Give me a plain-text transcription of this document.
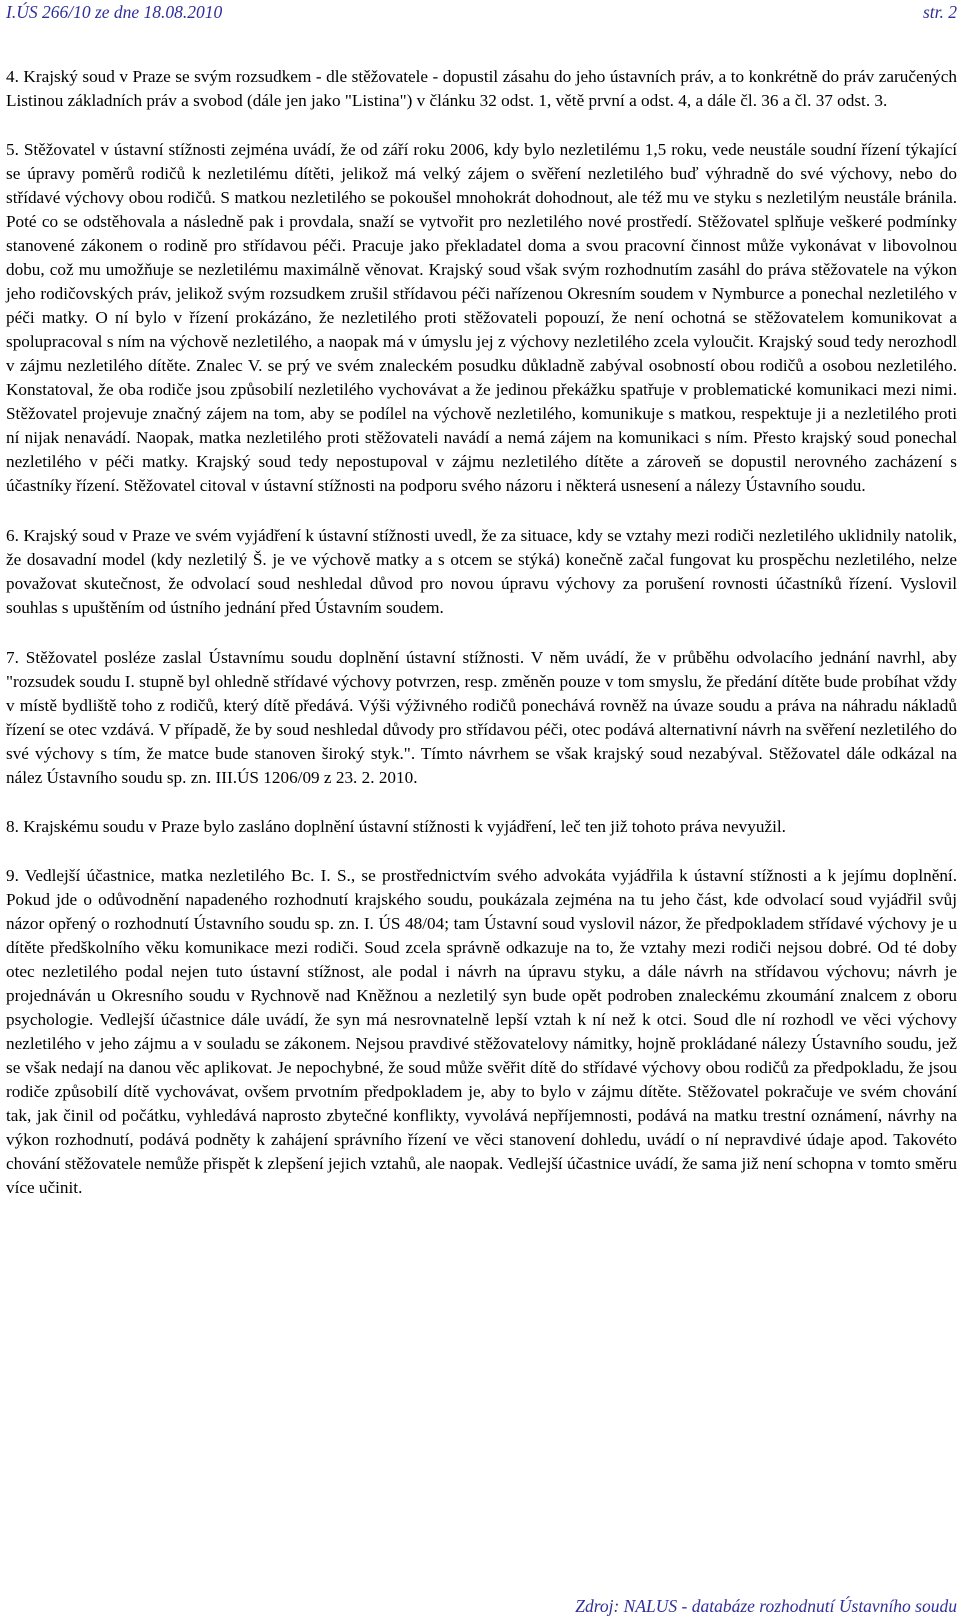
I.ÚS 266/10 ze dne 18.08.2010	str. 2

4. Krajský soud v Praze se svým rozsudkem - dle stěžovatele - dopustil zásahu do jeho ústavních práv, a to konkrétně do práv zaručených Listinou základních práv a svobod (dále jen jako "Listina") v článku 32 odst. 1, větě první a odst. 4, a dále čl. 36 a čl. 37 odst. 3.

5. Stěžovatel v ústavní stížnosti zejména uvádí, že od září roku 2006, kdy bylo nezletilému 1,5 roku, vede neustále soudní řízení týkající se úpravy poměrů rodičů k nezletilému dítěti, jelikož má velký zájem o svěření nezletilého buď výhradně do své výchovy, nebo do střídavé výchovy obou rodičů. S matkou nezletilého se pokoušel mnohokrát dohodnout, ale též mu ve styku s nezletilým neustále bránila. Poté co se odstěhovala a následně pak i provdala, snaží se vytvořit pro nezletilého nové prostředí. Stěžovatel splňuje veškeré podmínky stanovené zákonem o rodině pro střídavou péči. Pracuje jako překladatel doma a svou pracovní činnost může vykonávat v libovolnou dobu, což mu umožňuje se nezletilému maximálně věnovat. Krajský soud však svým rozhodnutím zasáhl do práva stěžovatele na výkon jeho rodičovských práv, jelikož svým rozsudkem zrušil střídavou péči nařízenou Okresním soudem v Nymburce a ponechal nezletilého v péči matky. O ní bylo v řízení prokázáno, že nezletilého proti stěžovateli popouzí, že není ochotná se stěžovatelem komunikovat a spolupracoval s ním na výchově nezletilého, a naopak má v úmyslu jej z výchovy nezletilého zcela vyloučit. Krajský soud tedy nerozhodl v zájmu nezletilého dítěte. Znalec V. se prý ve svém znaleckém posudku důkladně zabýval osobností obou rodičů a osobou nezletilého. Konstatoval, že oba rodiče jsou způsobilí nezletilého vychovávat a že jedinou překážku spatřuje v problematické komunikaci mezi nimi. Stěžovatel projevuje značný zájem na tom, aby se podílel na výchově nezletilého, komunikuje s matkou, respektuje ji a nezletilého proti ní nijak nenavádí. Naopak, matka nezletilého proti stěžovateli navádí a nemá zájem na komunikaci s ním. Přesto krajský soud ponechal nezletilého v péči matky. Krajský soud tedy nepostupoval v zájmu nezletilého dítěte a zároveň se dopustil nerovného zacházení s účastníky řízení. Stěžovatel citoval v ústavní stížnosti na podporu svého názoru i některá usnesení a nálezy Ústavního soudu.

6. Krajský soud v Praze ve svém vyjádření k ústavní stížnosti uvedl, že za situace, kdy se vztahy mezi rodiči nezletilého uklidnily natolik, že dosavadní model (kdy nezletilý Š. je ve výchově matky a s otcem se stýká) konečně začal fungovat ku prospěchu nezletilého, nelze považovat skutečnost, že odvolací soud neshledal důvod pro novou úpravu výchovy za porušení rovnosti účastníků řízení. Vyslovil souhlas s upuštěním od ústního jednání před Ústavním soudem.

7. Stěžovatel posléze zaslal Ústavnímu soudu doplnění ústavní stížnosti. V něm uvádí, že v průběhu odvolacího jednání navrhl, aby "rozsudek soudu I. stupně byl ohledně střídavé výchovy potvrzen, resp. změněn pouze v tom smyslu, že předání dítěte bude probíhat vždy v místě bydliště toho z rodičů, který dítě předává. Výši výživného rodičů ponechává rovněž na úvaze soudu a práva na náhradu nákladů řízení se otec vzdává. V případě, že by soud neshledal důvody pro střídavou péči, otec podává alternativní návrh na svěření nezletilého do své výchovy s tím, že matce bude stanoven široký styk.". Tímto návrhem se však krajský soud nezabýval. Stěžovatel dále odkázal na nález Ústavního soudu sp. zn. III.ÚS 1206/09 z 23. 2. 2010.

8. Krajskému soudu v Praze bylo zasláno doplnění ústavní stížnosti k vyjádření, leč ten již tohoto práva nevyužil.

9. Vedlejší účastnice, matka nezletilého Bc. I. S., se prostřednictvím svého advokáta vyjádřila k ústavní stížnosti a k jejímu doplnění. Pokud jde o odůvodnění napadeného rozhodnutí krajského soudu, poukázala zejména na tu jeho část, kde odvolací soud vyjádřil svůj názor opřený o rozhodnutí Ústavního soudu sp. zn. I. ÚS 48/04; tam Ústavní soud vyslovil názor, že předpokladem střídavé výchovy je u dítěte předškolního věku komunikace mezi rodiči. Soud zcela správně odkazuje na to, že vztahy mezi rodiči nejsou dobré. Od té doby otec nezletilého podal nejen tuto ústavní stížnost, ale podal i návrh na úpravu styku, a dále návrh na střídavou výchovu; návrh je projednáván u Okresního soudu v Rychnově nad Kněžnou a nezletilý syn bude opět podroben znaleckému zkoumání znalcem z oboru psychologie. Vedlejší účastnice dále uvádí, že syn má nesrovnatelně lepší vztah k ní než k otci. Soud dle ní rozhodl ve věci výchovy nezletilého v jeho zájmu a v souladu se zákonem. Nejsou pravdivé stěžovatelovy námitky, hojně prokládané nálezy Ústavního soudu, jež se však nedají na danou věc aplikovat. Je nepochybné, že soud může svěřit dítě do střídavé výchovy obou rodičů za předpokladu, že jsou rodiče způsobilí dítě vychovávat, ovšem prvotním předpokladem je, aby to bylo v zájmu dítěte. Stěžovatel pokračuje ve svém chování tak, jak činil od počátku, vyhledává naprosto zbytečné konflikty, vyvolává nepříjemnosti, podává na matku trestní oznámení, návrhy na výkon rozhodnutí, podává podněty k zahájení správního řízení ve věci stanovení dohledu, uvádí o ní nepravdivé údaje apod. Takovéto chování stěžovatele nemůže přispět k zlepšení jejich vztahů, ale naopak. Vedlejší účastnice uvádí, že sama již není schopna v tomto směru více učinit.

Zdroj: NALUS - databáze rozhodnutí Ústavního soudu
